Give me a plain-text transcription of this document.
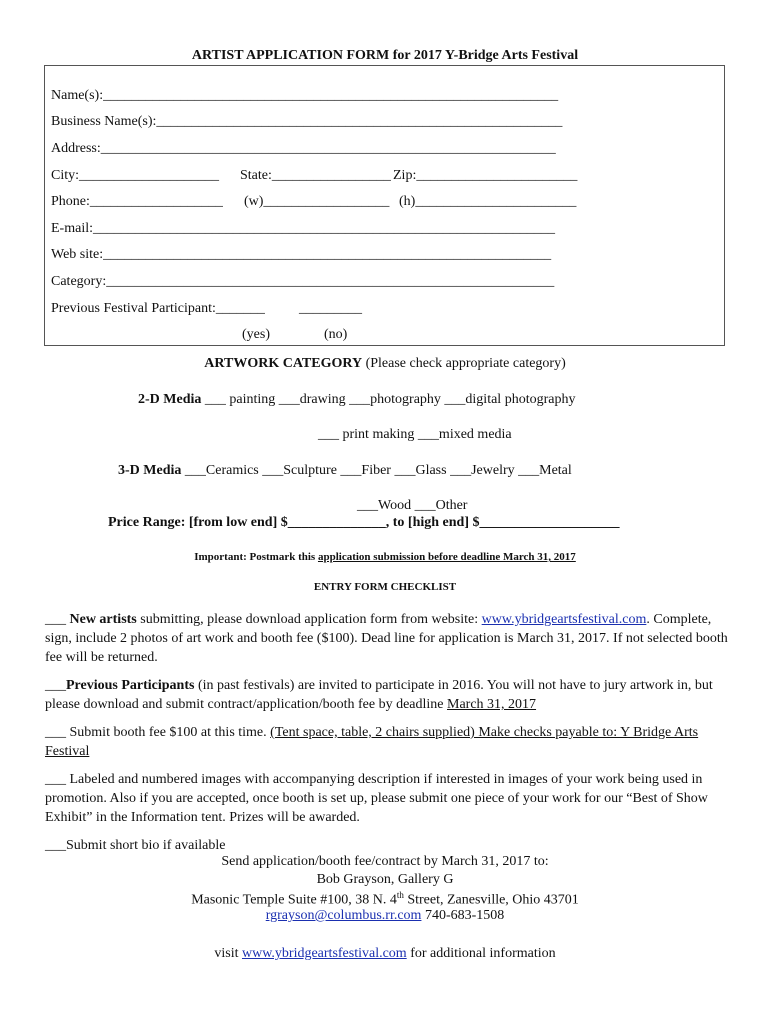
ARTIST APPLICATION FORM for 2017 Y-Bridge Arts Festival
Name(s):_________________________________________________________________
Business Name(s):__________________________________________________________
Address:_________________________________________________________________
City:____________________ State:_________________ Zip:_______________________
Phone:___________________ (w)__________________ (h)_______________________
E-mail:__________________________________________________________________
Web site:________________________________________________________________
Category:________________________________________________________________
Previous Festival Participant:_______ _________
(yes)	(no)
ARTWORK CATEGORY (Please check appropriate category)
2-D Media ___ painting ___drawing ___photography ___digital photography
___ print making ___mixed media
3-D Media ___Ceramics ___Sculpture ___Fiber ___Glass ___Jewelry ___Metal
___Wood ___Other
Price Range: [from low end] $______________, to [high end] $____________________
Important: Postmark this application submission before deadline March 31, 2017
ENTRY FORM CHECKLIST

___ New artists submitting, please download application form from website: www.ybridgeartsfestival.com. Complete, sign, include 2 photos of art work and booth fee ($100). Dead line for application is March 31, 2017. If not selected booth fee will be returned.

___Previous Participants (in past festivals) are invited to participate in 2016. You will not have to jury artwork in, but please download and submit contract/application/booth fee by deadline March 31, 2017

___ Submit booth fee $100 at this time. (Tent space, table, 2 chairs supplied) Make checks payable to: Y Bridge Arts Festival

___ Labeled and numbered images with accompanying description if interested in images of your work being used in promotion. Also if you are accepted, once booth is set up, please submit one piece of your work for our “Best of Show Exhibit” in the Information tent. Prizes will be awarded.

___Submit short bio if available

Send application/booth fee/contract by March 31, 2017 to:
Bob Grayson, Gallery G
Masonic Temple Suite #100, 38 N. 4th Street, Zanesville, Ohio 43701
rgrayson@columbus.rr.com 740-683-1508
visit www.ybridgeartsfestival.com for additional information
